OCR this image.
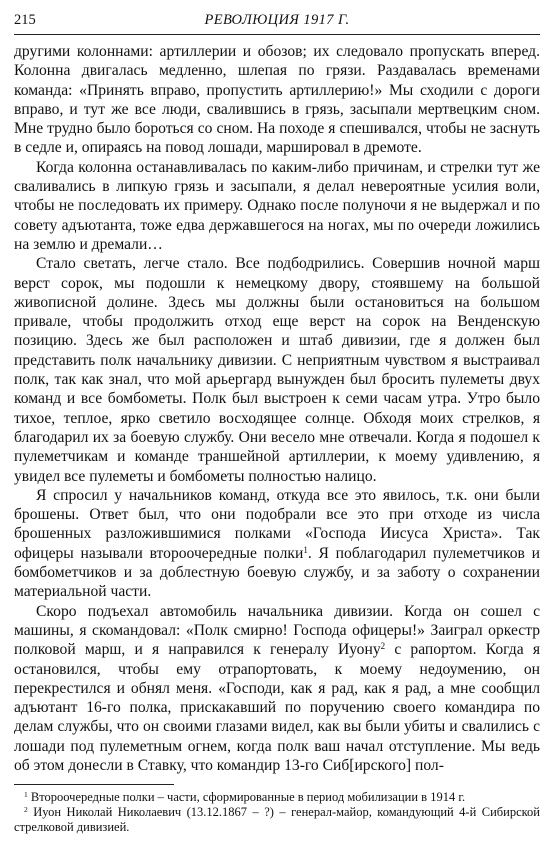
215	РЕВОЛЮЦИЯ 1917 Г.

другими колоннами: артиллерии и обозов; их следовало пропускать вперед. Колонна двигалась медленно, шлепая по грязи. Раздавалась временами команда: «Принять вправо, пропустить артиллерию!» Мы сходили с дороги вправо, и тут же все люди, свалившись в грязь, засыпали мертвецким сном. Мне трудно было бороться со сном. На походе я спешивался, чтобы не заснуть в седле и, опираясь на повод лошади, маршировал в дремоте.

Когда колонна останавливалась по каким-либо причинам, и стрелки тут же сваливались в липкую грязь и засыпали, я делал невероятные усилия воли, чтобы не последовать их примеру. Однако после полуночи я не выдержал и по совету адъютанта, тоже едва державшегося на ногах, мы по очереди ложились на землю и дремали…

Стало светать, легче стало. Все подбодрились. Совершив ночной марш верст сорок, мы подошли к немецкому двору, стоявшему на большой живописной долине. Здесь мы должны были остановиться на большом привале, чтобы продолжить отход еще верст на сорок на Венденскую позицию. Здесь же был расположен и штаб дивизии, где я должен был представить полк начальнику дивизии. С неприятным чувством я выстраивал полк, так как знал, что мой арьергард вынужден был бросить пулеметы двух команд и все бомбометы. Полк был выстроен к семи часам утра. Утро было тихое, теплое, ярко светило восходящее солнце. Обходя моих стрелков, я благодарил их за боевую службу. Они весело мне отвечали. Когда я подошел к пулеметчикам и команде траншейной артиллерии, к моему удивлению, я увидел все пулеметы и бомбометы полностью налицо.

Я спросил у начальников команд, откуда все это явилось, т.к. они были брошены. Ответ был, что они подобрали все это при отходе из числа брошенных разложившимися полками «Господа Иисуса Христа». Так офицеры называли второочередные полки$^1$. Я поблагодарил пулеметчиков и бомбометчиков и за доблестную боевую службу, и за заботу о сохранении материальной части.

Скоро подъехал автомобиль начальника дивизии. Когда он сошел с машины, я скомандовал: «Полк смирно! Господа офицеры!» Заиграл оркестр полковой марш, и я направился к генералу Иуону$^2$ с рапортом. Когда я остановился, чтобы ему отрапортовать, к моему недоумению, он перекрестился и обнял меня. «Господи, как я рад, как я рад, а мне сообщил адъютант 16-го полка, прискакавший по поручению своего командира по делам службы, что он своими глазами видел, как вы были убиты и свалились с лошади под пулеметным огнем, когда полк ваш начал отступление. Мы ведь об этом донесли в Ставку, что командир 13-го Сиб[ирского] пол-

$^1$ Второочередные полки – части, сформированные в период мобилизации в 1914 г.

$^2$ Иуон Николай Николаевич (13.12.1867 – ?) – генерал-майор, командующий 4-й Сибирской стрелковой дивизией.
